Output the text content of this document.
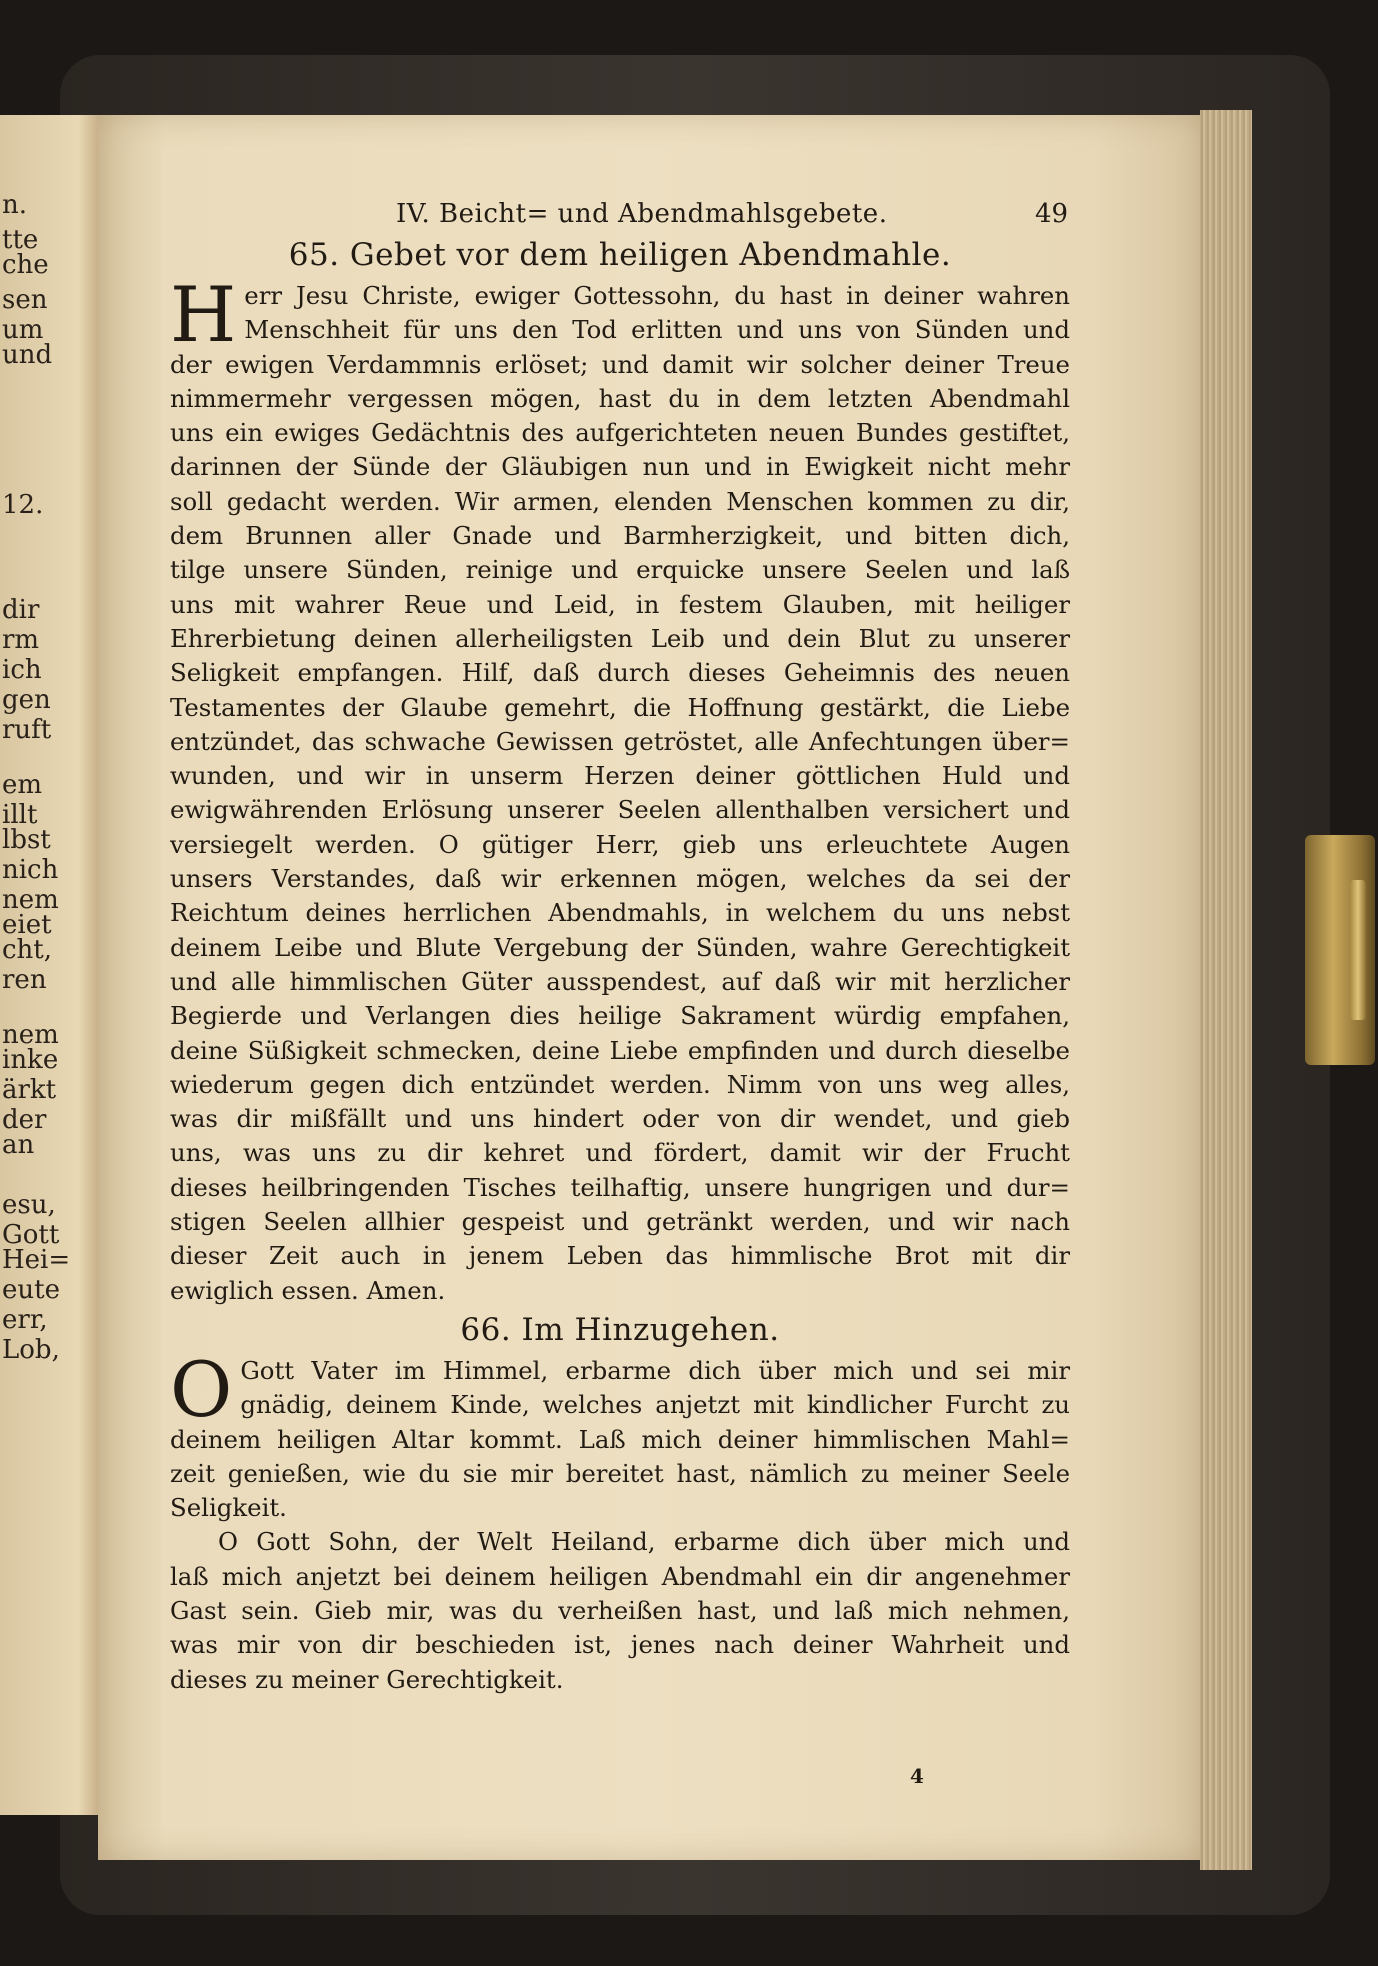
n.
tte
che
sen
um
und
12.
dir
rm
ich
gen
ruft
em
illt
lbst
nich
nem
eiet
cht,
ren
nem
inke
ärkt
der
an
esu,
Gott
Hei=
eute
err,
Lob,
IV. Beicht= und Abendmahlsgebete.	49
65. Gebet vor dem heiligen Abendmahle.
H err Jesu Christe, ewiger Gottessohn, du hast in deiner wahren
Menschheit für uns den Tod erlitten und uns von Sünden und
der ewigen Verdammnis erlöset; und damit wir solcher deiner Treue
nimmermehr vergessen mögen, hast du in dem letzten Abendmahl
uns ein ewiges Gedächtnis des aufgerichteten neuen Bundes gestiftet,
darinnen der Sünde der Gläubigen nun und in Ewigkeit nicht mehr
soll gedacht werden. Wir armen, elenden Menschen kommen zu dir,
dem Brunnen aller Gnade und Barmherzigkeit, und bitten dich,
tilge unsere Sünden, reinige und erquicke unsere Seelen und laß
uns mit wahrer Reue und Leid, in festem Glauben, mit heiliger
Ehrerbietung deinen allerheiligsten Leib und dein Blut zu unserer
Seligkeit empfangen. Hilf, daß durch dieses Geheimnis des neuen
Testamentes der Glaube gemehrt, die Hoffnung gestärkt, die Liebe
entzündet, das schwache Gewissen getröstet, alle Anfechtungen über=
wunden, und wir in unserm Herzen deiner göttlichen Huld und
ewigwährenden Erlösung unserer Seelen allenthalben versichert und
versiegelt werden. O gütiger Herr, gieb uns erleuchtete Augen
unsers Verstandes, daß wir erkennen mögen, welches da sei der
Reichtum deines herrlichen Abendmahls, in welchem du uns nebst
deinem Leibe und Blute Vergebung der Sünden, wahre Gerechtigkeit
und alle himmlischen Güter ausspendest, auf daß wir mit herzlicher
Begierde und Verlangen dies heilige Sakrament würdig empfahen,
deine Süßigkeit schmecken, deine Liebe empfinden und durch dieselbe
wiederum gegen dich entzündet werden. Nimm von uns weg alles,
was dir mißfällt und uns hindert oder von dir wendet, und gieb
uns, was uns zu dir kehret und fördert, damit wir der Frucht
dieses heilbringenden Tisches teilhaftig, unsere hungrigen und dur=
stigen Seelen allhier gespeist und getränkt werden, und wir nach
dieser Zeit auch in jenem Leben das himmlische Brot mit dir
ewiglich essen. Amen.
66. Im Hinzugehen.
O Gott Vater im Himmel, erbarme dich über mich und sei mir
gnädig, deinem Kinde, welches anjetzt mit kindlicher Furcht zu
deinem heiligen Altar kommt. Laß mich deiner himmlischen Mahl=
zeit genießen, wie du sie mir bereitet hast, nämlich zu meiner Seele
Seligkeit.
O Gott Sohn, der Welt Heiland, erbarme dich über mich und
laß mich anjetzt bei deinem heiligen Abendmahl ein dir angenehmer
Gast sein. Gieb mir, was du verheißen hast, und laß mich nehmen,
was mir von dir beschieden ist, jenes nach deiner Wahrheit und
dieses zu meiner Gerechtigkeit.
4
